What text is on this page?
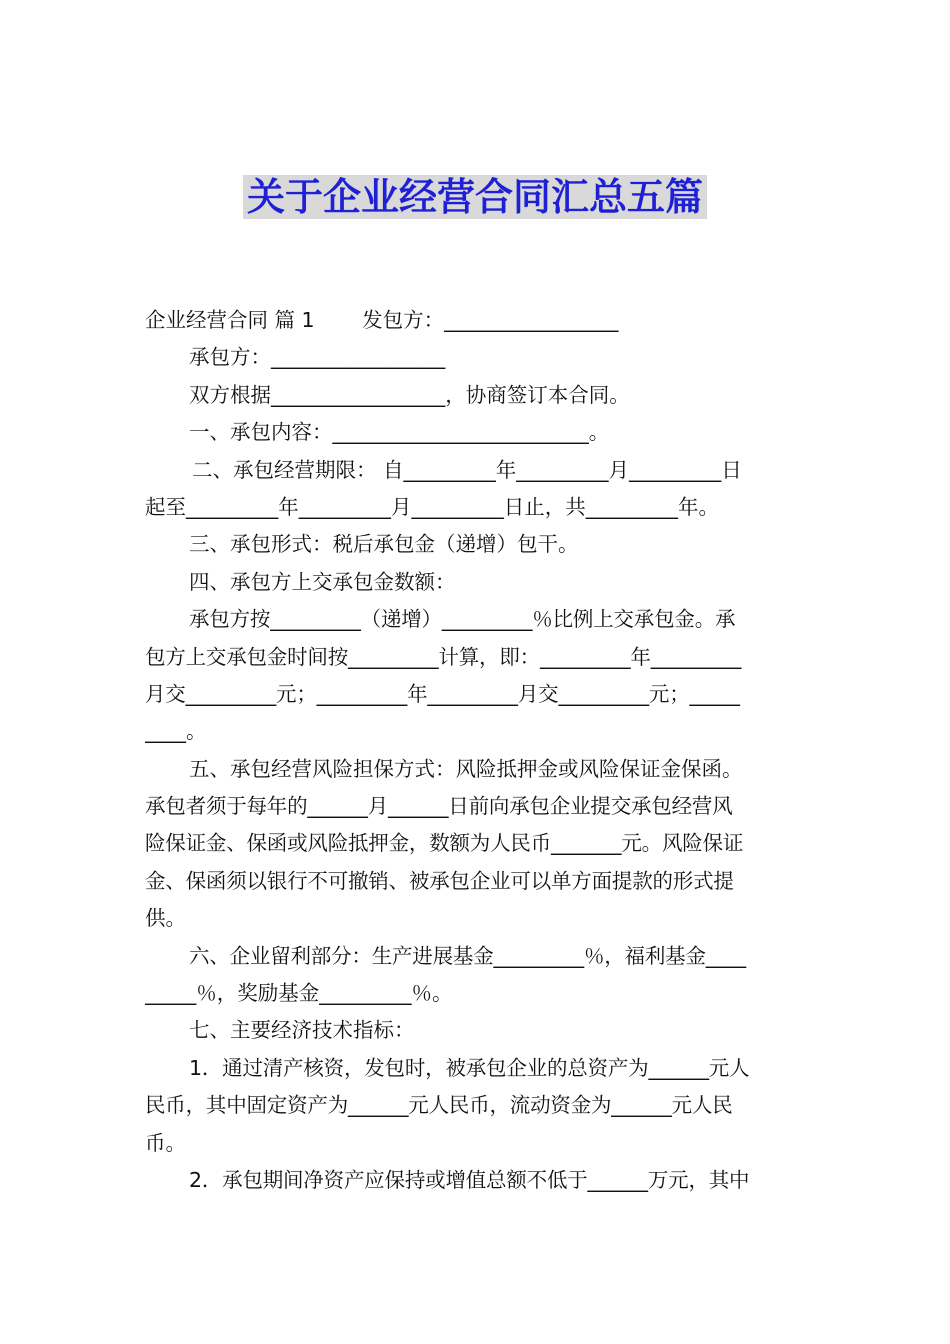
关于企业经营合同汇总五篇
企业经营合同 篇 1　　 发包方：_________________
承包方：_________________
双方根据_________________，协商签订本合同。
一、承包内容：_________________________。
二、承包经营期限： 自_________年_________月_________日
起至_________年_________月_________日止，共_________年。
三、承包形式：税后承包金（递增）包干。
四、承包方上交承包金数额：
承包方按_________（递增）_________％比例上交承包金。承
包方上交承包金时间按_________计算，即：_________年_________
月交_________元；_________年_________月交_________元；_____
____。
五、承包经营风险担保方式：风险抵押金或风险保证金保函。
承包者须于每年的______月______日前向承包企业提交承包经营风
险保证金、保函或风险抵押金，数额为人民币_______元。风险保证
金、保函须以银行不可撤销、被承包企业可以单方面提款的形式提
供。
六、企业留利部分：生产进展基金_________％，福利基金____
_____％，奖励基金_________％。
七、主要经济技术指标：
1．通过清产核资，发包时，被承包企业的总资产为______元人
民币，其中固定资产为______元人民币，流动资金为______元人民
币。
2．承包期间净资产应保持或增值总额不低于______万元，其中
